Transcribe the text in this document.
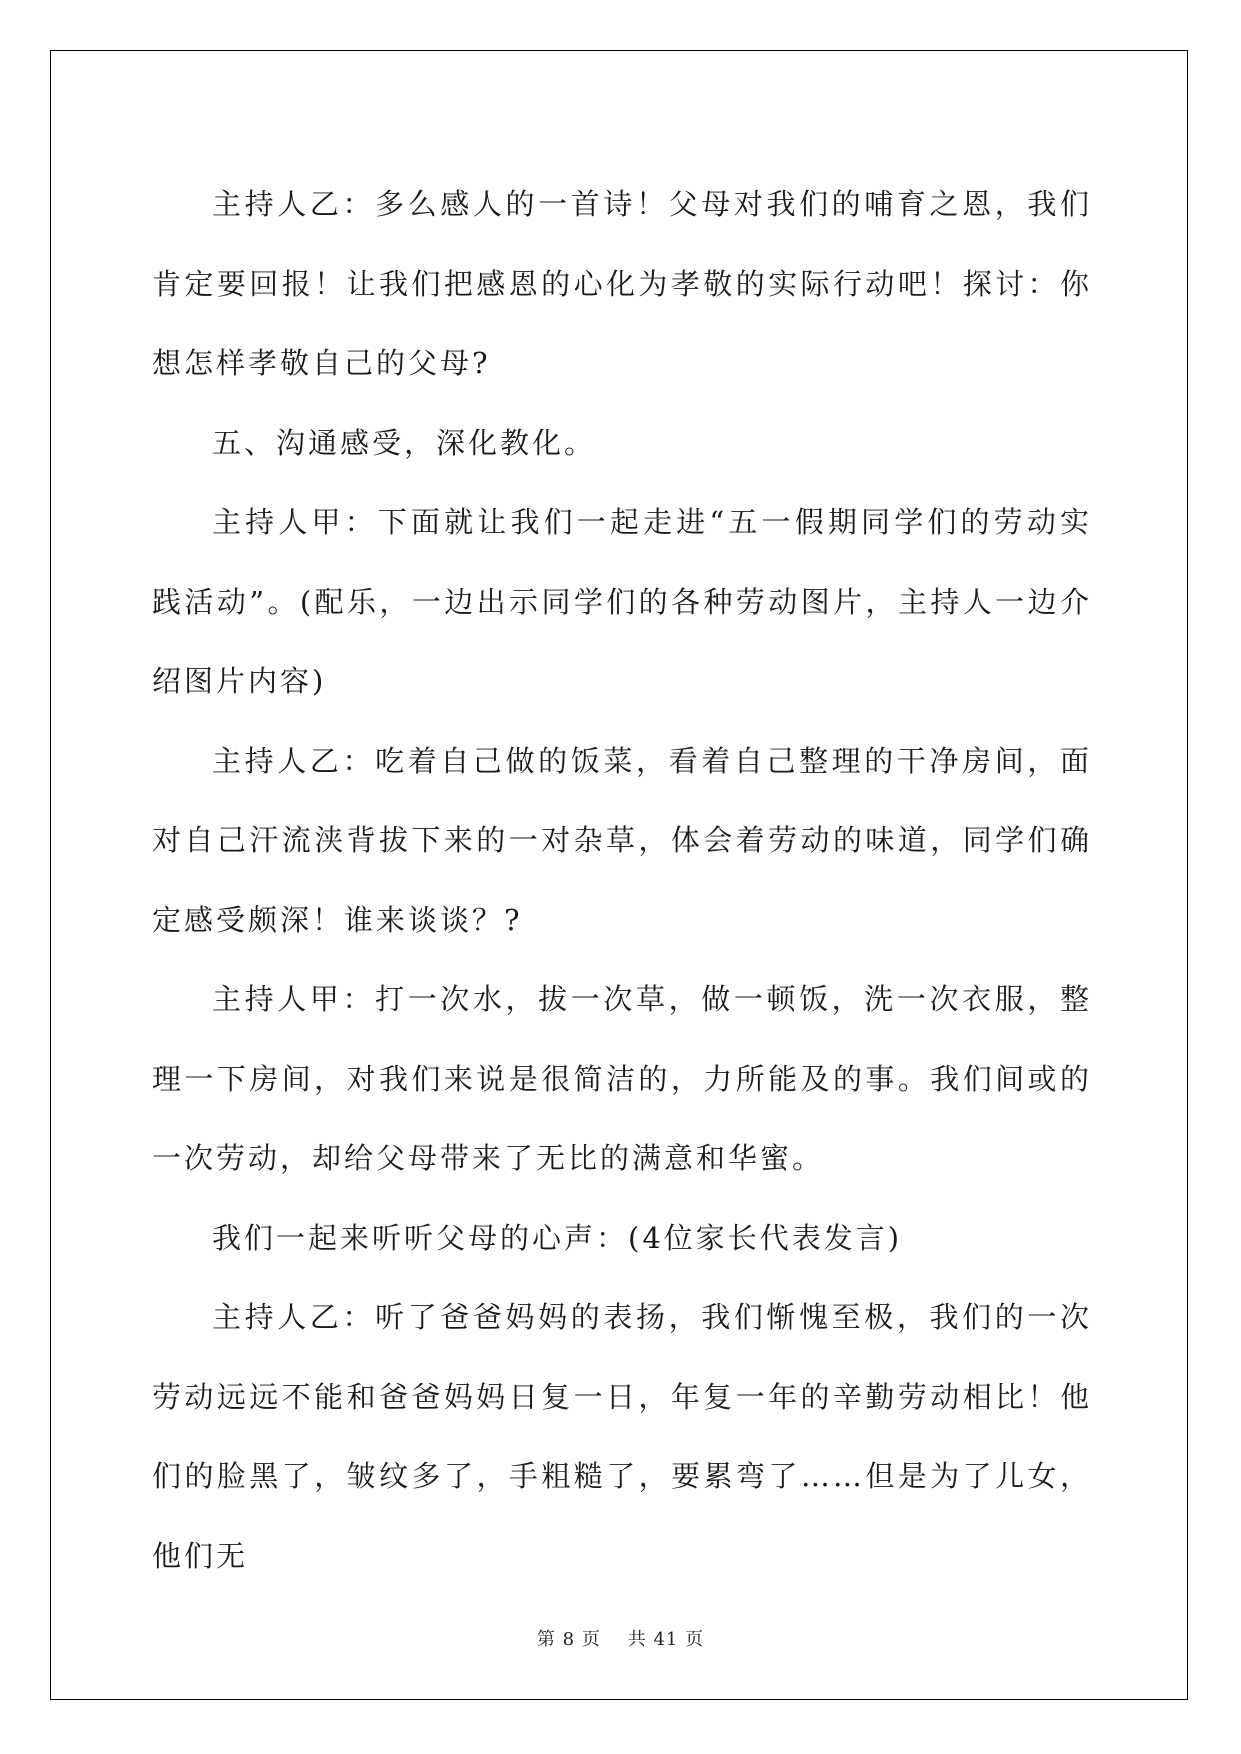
主持人乙：多么感人的一首诗！父母对我们的哺育之恩，我们肯定要回报！让我们把感恩的心化为孝敬的实际行动吧！探讨：你想怎样孝敬自己的父母?

五、沟通感受，深化教化。

主持人甲：下面就让我们一起走进“五一假期同学们的劳动实践活动”。(配乐，一边出示同学们的各种劳动图片，主持人一边介绍图片内容)

主持人乙：吃着自己做的饭菜，看着自己整理的干净房间，面对自己汗流浃背拔下来的一对杂草，体会着劳动的味道，同学们确定感受颇深！谁来谈谈？?

主持人甲：打一次水，拔一次草，做一顿饭，洗一次衣服，整理一下房间，对我们来说是很简洁的，力所能及的事。我们间或的一次劳动，却给父母带来了无比的满意和华蜜。

我们一起来听听父母的心声：(4位家长代表发言)

主持人乙：听了爸爸妈妈的表扬，我们惭愧至极，我们的一次劳动远远不能和爸爸妈妈日复一日，年复一年的辛勤劳动相比！他们的脸黑了，皱纹多了，手粗糙了，要累弯了……但是为了儿女，他们无

第 8 页 共 41 页
